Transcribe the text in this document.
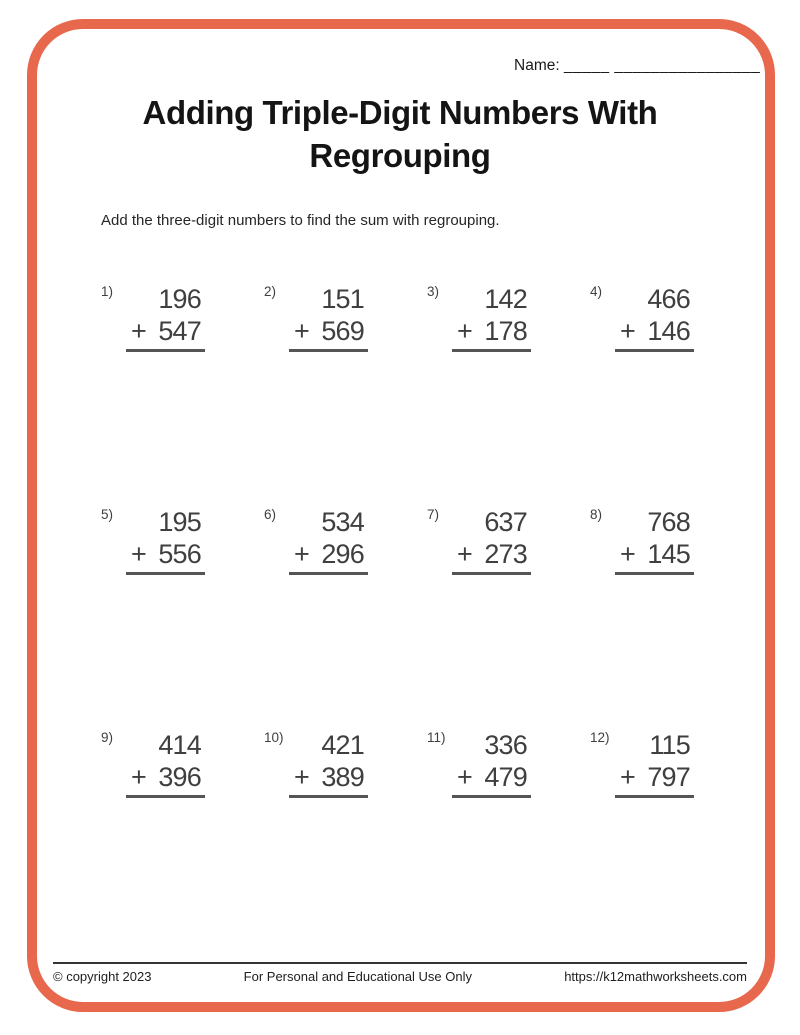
Name: _____ ________________
Adding Triple-Digit Numbers With
Regrouping
Add the three-digit numbers to find the sum with regrouping.
1)	196
+ 547
2)	151
+ 569
3)	142
+ 178
4)	466
+ 146
5)	195
+ 556
6)	534
+ 296
7)	637
+ 273
8)	768
+ 145
9)	414
+ 396
10)	421
+ 389
11)	336
+ 479
12)	115
+ 797
© copyright 2023	For Personal and Educational Use Only	https://k12mathworksheets.com
